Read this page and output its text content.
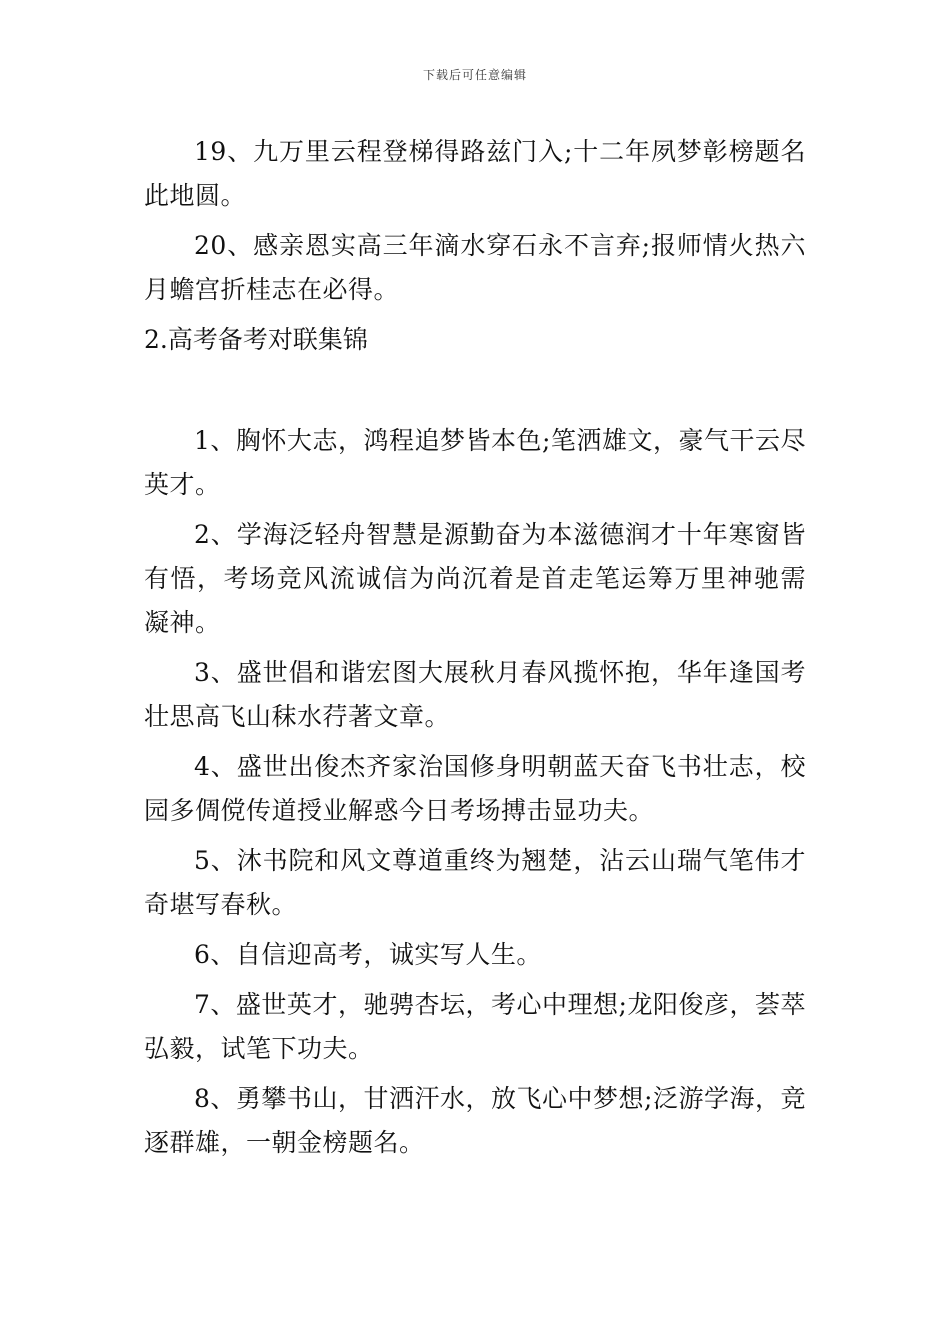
下载后可任意编辑

19、九万里云程登梯得路兹门入;十二年夙梦彰榜题名此地圆。

20、感亲恩实高三年滴水穿石永不言弃;报师情火热六月蟾宫折桂志在必得。

2.高考备考对联集锦

1、胸怀大志，鸿程追梦皆本色;笔洒雄文，豪气干云尽英才。

2、学海泛轻舟智慧是源勤奋为本滋德润才十年寒窗皆有悟，考场竞风流诚信为尚沉着是首走笔运筹万里神驰需凝神。

3、盛世倡和谐宏图大展秋月春风揽怀抱，华年逢国考壮思高飞山秣水荇著文章。

4、盛世出俊杰齐家治国修身明朝蓝天奋飞书壮志，校园多倜傥传道授业解惑今日考场搏击显功夫。

5、沐书院和风文尊道重终为翘楚，沾云山瑞气笔伟才奇堪写春秋。

6、自信迎高考，诚实写人生。

7、盛世英才，驰骋杏坛，考心中理想;龙阳俊彦，荟萃弘毅，试笔下功夫。

8、勇攀书山，甘洒汗水，放飞心中梦想;泛游学海，竞逐群雄，一朝金榜题名。
